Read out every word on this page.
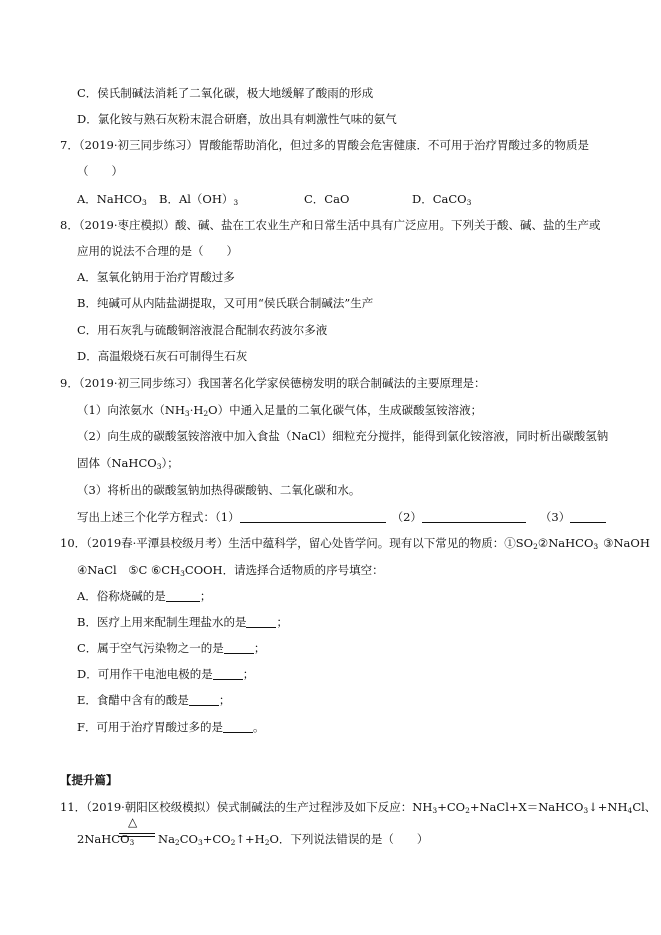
C．侯氏制碱法消耗了二氧化碳，极大地缓解了酸雨的形成
D．氯化铵与熟石灰粉末混合研磨，放出具有刺激性气味的氨气
7．（2019·初三同步练习）胃酸能帮助消化，但过多的胃酸会危害健康．不可用于治疗胃酸过多的物质是
（　　）
A．NaHCO$_3$ B．$Al(OH)_3$	C．CaO	D．CaCO$_3$
8．（2019·枣庄模拟）酸、碱、盐在工农业生产和日常生活中具有广泛应用。下列关于酸、碱、盐的生产或
应用的说法不合理的是（　　）
A．氢氧化钠用于治疗胃酸过多
B．纯碱可从内陆盐湖提取，又可用“侯氏联合制碱法”生产
C．用石灰乳与硫酸铜溶液混合配制农药波尔多液
D．高温煅烧石灰石可制得生石灰
9．（2019·初三同步练习）我国著名化学家侯德榜发明的联合制碱法的主要原理是：
（1）向浓氨水$(NH_3\cdot H_2O)$中通入足量的二氧化碳气体，生成碳酸氢铵溶液；
（2）向生成的碳酸氢铵溶液中加入食盐（NaCl）细粒充分搅拌，能得到氯化铵溶液，同时析出碳酸氢钠
固体（NaHCO$_3$）；
（3）将析出的碳酸氢钠加热得碳酸钠、二氧化碳和水。
写出上述三个化学方程式：（1）	（2）	（3）
10．（2019春·平潭县校级月考）生活中蕴科学，留心处皆学问。现有以下常见的物质：$①SO_2②NaHCO_3$ ③NaOH
④NaCl　⑤C $⑥CH_3COOH$．请选择合适物质的序号填空：
A．俗称烧碱的是	；
B．医疗上用来配制生理盐水的是	；
C．属于空气污染物之一的是	；
D．可用作干电池电极的是	；
E．食醋中含有的酸是	；
F．可用于治疗胃酸过多的是	。
【提升篇】
11．（2019·朝阳区校级模拟）侯式制碱法的生产过程涉及如下反应：$NH_3+CO_2+NaCl+X=NaHCO_3↓+NH_4Cl$、
2NaHCO$_3$
△
$Na_2CO_3+CO_2↑+H_2O$．下列说法错误的是（　　）
